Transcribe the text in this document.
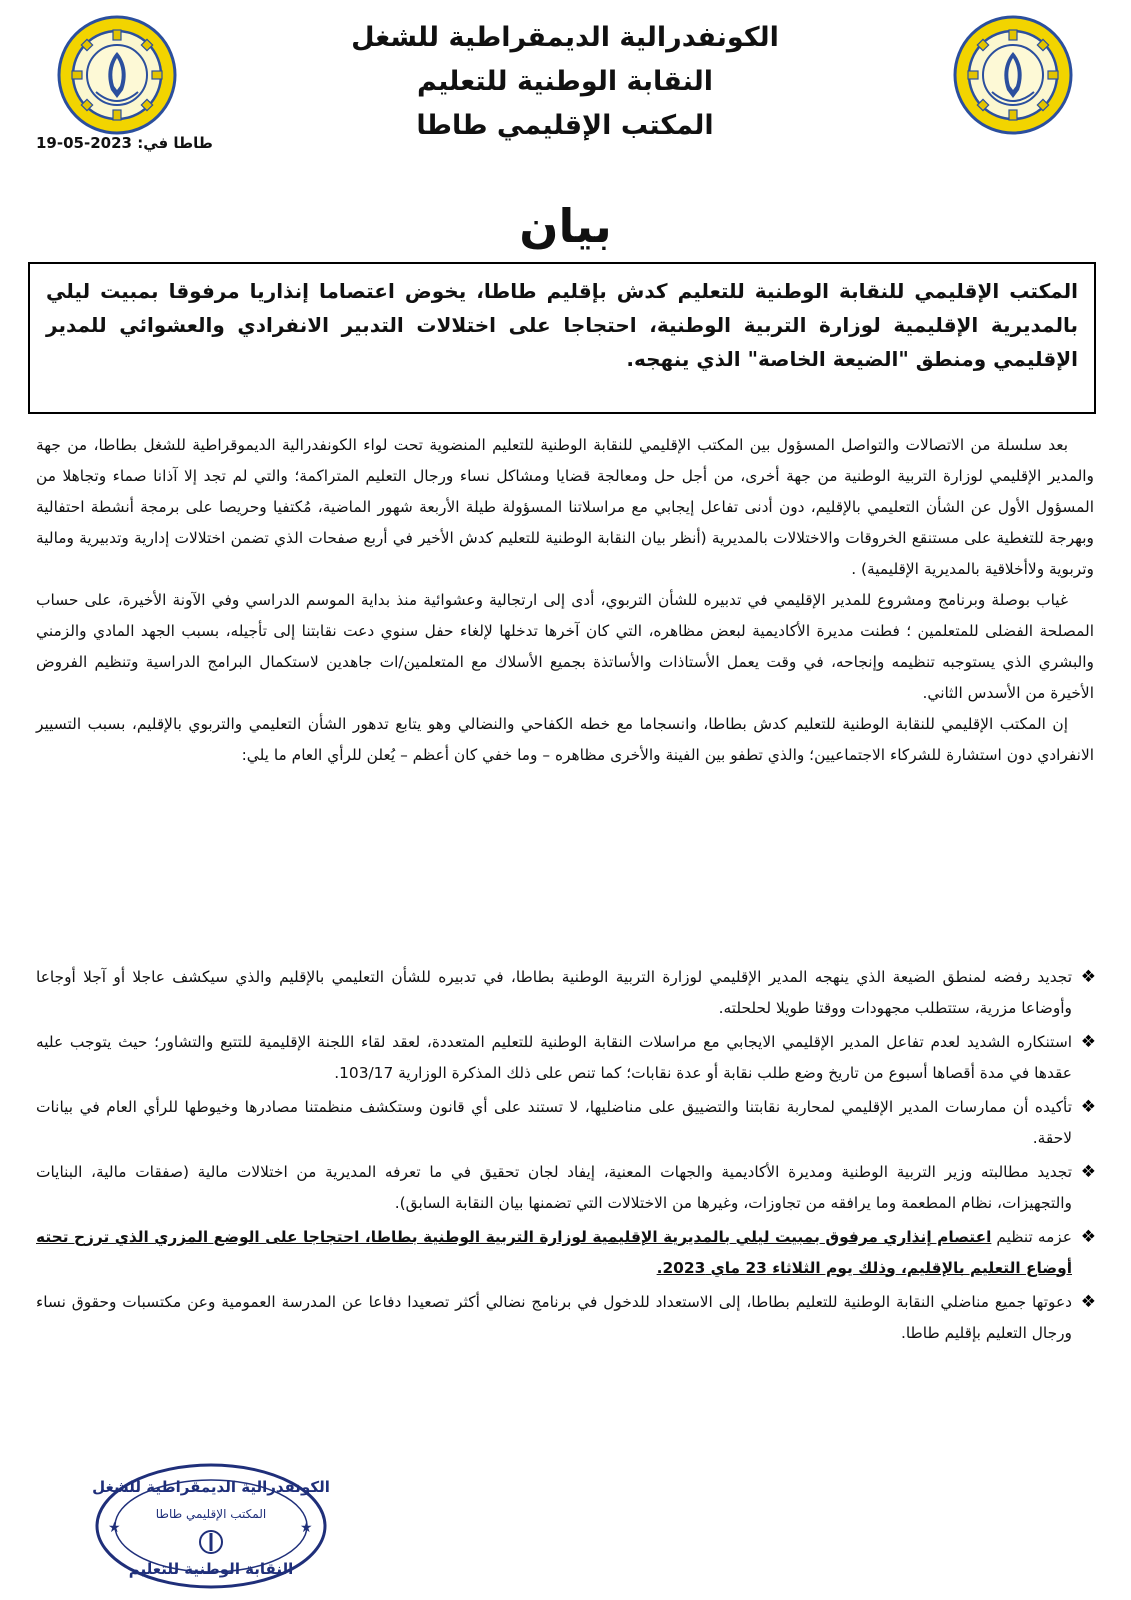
الكونفدرالية الديمقراطية للشغل
النقابة الوطنية للتعليم
المكتب الإقليمي طاطا
طاطا في: 2023-05-19
بيان
المكتب الإقليمي للنقابة الوطنية للتعليم كدش بإقليم طاطا، يخوض اعتصاما إنذاريا مرفوقا بمبيت ليلي بالمديرية الإقليمية لوزارة التربية الوطنية، احتجاجا على اختلالات التدبير الانفرادي والعشوائي للمدير الإقليمي ومنطق "الضيعة الخاصة" الذي ينهجه.

بعد سلسلة من الاتصالات والتواصل المسؤول بين المكتب الإقليمي للنقابة الوطنية للتعليم المنضوية تحت لواء الكونفدرالية الديموقراطية للشغل بطاطا، من جهة والمدير الإقليمي لوزارة التربية الوطنية من جهة أخرى، من أجل حل ومعالجة قضايا ومشاكل نساء ورجال التعليم المتراكمة؛ والتي لم تجد إلا آذانا صماء وتجاهلا من المسؤول الأول عن الشأن التعليمي بالإقليم، دون أدنى تفاعل إيجابي مع مراسلاتنا المسؤولة طيلة الأربعة شهور الماضية، مُكتفيا وحريصا على برمجة أنشطة احتفالية وبهرجة للتغطية على مستنقع الخروقات والاختلالات بالمديرية (أنظر بيان النقابة الوطنية للتعليم كدش الأخير في أربع صفحات الذي تضمن اختلالات إدارية وتدبيرية ومالية وتربوية ولاأخلاقية بالمديرية الإقليمية) .

غياب بوصلة وبرنامج ومشروع للمدير الإقليمي في تدبيره للشأن التربوي، أدى إلى ارتجالية وعشوائية منذ بداية الموسم الدراسي وفي الآونة الأخيرة، على حساب المصلحة الفضلى للمتعلمين ؛ فطنت مديرة الأكاديمية لبعض مظاهره، التي كان آخرها تدخلها لإلغاء حفل سنوي دعت نقابتنا إلى تأجيله، بسبب الجهد المادي والزمني والبشري الذي يستوجبه تنظيمه وإنجاحه، في وقت يعمل الأستاذات والأساتذة بجميع الأسلاك مع المتعلمين/ات جاهدين لاستكمال البرامج الدراسية وتنظيم الفروض الأخيرة من الأسدس الثاني.

إن المكتب الإقليمي للنقابة الوطنية للتعليم كدش بطاطا، وانسجاما مع خطه الكفاحي والنضالي وهو يتابع تدهور الشأن التعليمي والتربوي بالإقليم، بسبب التسيير الانفرادي دون استشارة للشركاء الاجتماعيين؛ والذي تطفو بين الفينة والأخرى مظاهره – وما خفي كان أعظم – يُعلن للرأي العام ما يلي:

❖
تجديد رفضه لمنطق الضيعة الذي ينهجه المدير الإقليمي لوزارة التربية الوطنية بطاطا، في تدبيره للشأن التعليمي بالإقليم والذي سيكشف عاجلا أو آجلا أوجاعا وأوضاعا مزرية، ستتطلب مجهودات ووقتا طويلا لحلحلته.
❖
استنكاره الشديد لعدم تفاعل المدير الإقليمي الايجابي مع مراسلات النقابة الوطنية للتعليم المتعددة، لعقد لقاء اللجنة الإقليمية للتتبع والتشاور؛ حيث يتوجب عليه عقدها في مدة أقصاها أسبوع من تاريخ وضع طلب نقابة أو عدة نقابات؛ كما تنص على ذلك المذكرة الوزارية 103/17.
❖
تأكيده أن ممارسات المدير الإقليمي لمحاربة نقابتنا والتضييق على مناضليها، لا تستند على أي قانون وستكشف منظمتنا مصادرها وخيوطها للرأي العام في بيانات لاحقة.
❖
تجديد مطالبته وزير التربية الوطنية ومديرة الأكاديمية والجهات المعنية، إيفاد لجان تحقيق في ما تعرفه المديرية من اختلالات مالية (صفقات مالية، البنايات والتجهيزات، نظام المطعمة وما يرافقه من تجاوزات، وغيرها من الاختلالات التي تضمنها بيان النقابة السابق).
❖
عزمه تنظيم اعتصام إنذاري مرفوق بمبيت ليلي بالمديرية الإقليمية لوزارة التربية الوطنية بطاطا، احتجاجا على الوضع المزري الذي ترزح تحته أوضاع التعليم بالإقليم، وذلك يوم الثلاثاء 23 ماي 2023.
❖
دعوتها جميع مناضلي النقابة الوطنية للتعليم بطاطا، إلى الاستعداد للدخول في برنامج نضالي أكثر تصعيدا دفاعا عن المدرسة العمومية وعن مكتسبات وحقوق نساء ورجال التعليم بإقليم طاطا.
★	★
الكونفدرالية الديمقراطية للشغل
المكتب الإقليمي طاطا
النقابة الوطنية للتعليم
